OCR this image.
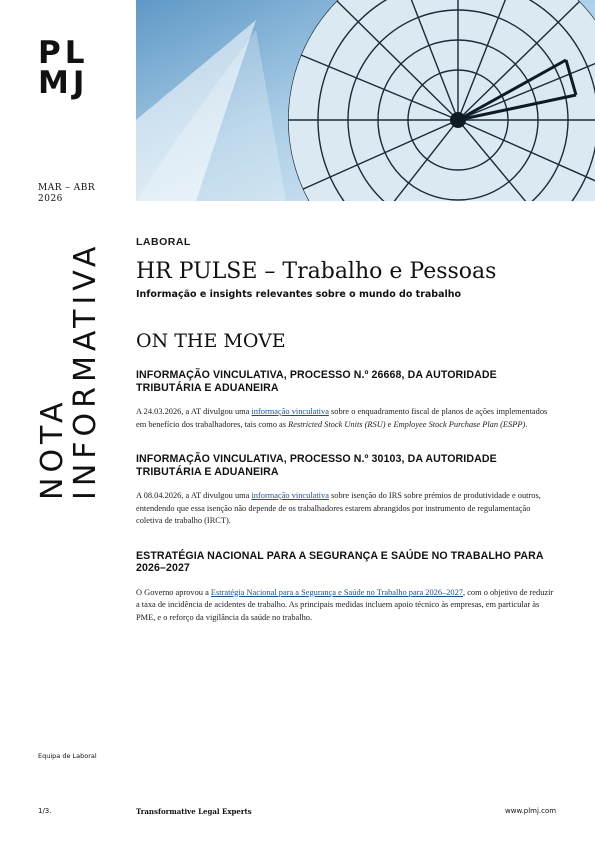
PL
MJ
MAR – ABR
2026
NOTA
INFORMATIVA	LABORAL
HR PULSE – Trabalho e Pessoas
Informação e insights relevantes sobre o mundo do trabalho
ON THE MOVE
INFORMAÇÃO VINCULATIVA, PROCESSO N.º 26668, DA AUTORIDADE TRIBUTÁRIA E ADUANEIRA

A 24.03.2026, a AT divulgou uma informação vinculativa sobre o enquadramento fiscal de planos de ações implementados em benefício dos trabalhadores, tais como as Restricted Stock Units (RSU) e Employee Stock Purchase Plan (ESPP).

INFORMAÇÃO VINCULATIVA, PROCESSO N.º 30103, DA AUTORIDADE TRIBUTÁRIA E ADUANEIRA

A 08.04.2026, a AT divulgou uma informação vinculativa sobre isenção do IRS sobre prémios de produtividade e outros, entendendo que essa isenção não depende de os trabalhadores estarem abrangidos por instrumento de regulamentação coletiva de trabalho (IRCT).

ESTRATÉGIA NACIONAL PARA A SEGURANÇA E SAÚDE NO TRABALHO PARA 2026–2027

O Governo aprovou a Estratégia Nacional para a Segurança e Saúde no Trabalho para 2026–2027, com o objetivo de reduzir a taxa de incidência de acidentes de trabalho. As principais medidas incluem apoio técnico às empresas, em particular às PME, e o reforço da vigilância da saúde no trabalho.

Equipa de Laboral
1/3.	Transformative Legal Experts	www.plmj.com
